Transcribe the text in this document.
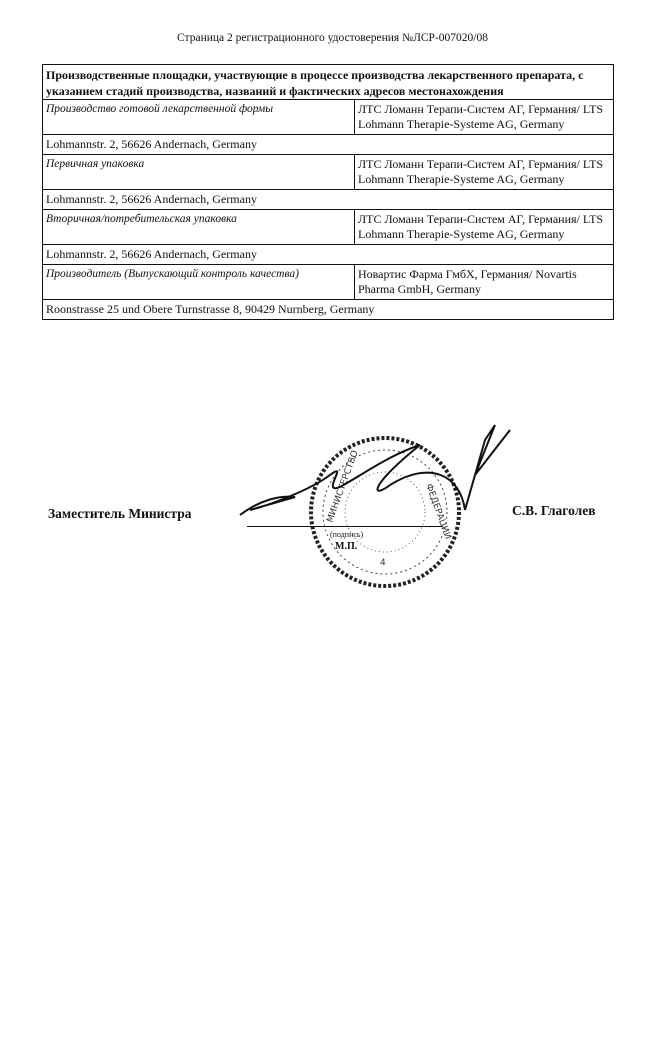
Страница 2 регистрационного удостоверения №ЛСР-007020/08
Производственные площадки, участвующие в процессе производства лекарственного препарата, с указанием стадий производства, названий и фактических адресов местонахождения	
Производство готовой лекарственной формы	ЛТС Ломанн Терапи-Систем АГ, Германия/ LTS Lohmann Therapie-Systeme AG, Germany
Lohmannstr. 2, 56626 Andernach, Germany	
Первичная упаковка	ЛТС Ломанн Терапи-Систем АГ, Германия/ LTS Lohmann Therapie-Systeme AG, Germany
Lohmannstr. 2, 56626 Andernach, Germany	
Вторичная/потребительская упаковка	ЛТС Ломанн Терапи-Систем АГ, Германия/ LTS Lohmann Therapie-Systeme AG, Germany
Lohmannstr. 2, 56626 Andernach, Germany	
Производитель (Выпускающий контроль качества)	Новартис Фарма ГмбХ, Германия/ Novartis Pharma GmbH, Germany
Roonstrasse 25 und Obere Turnstrasse 8, 90429 Nurnberg, Germany	
МИНИСТЕРСТВО	ФЕДЕРАЦИИ
4
Заместитель Министра
(подпись)
М.П.
С.В. Глаголев
